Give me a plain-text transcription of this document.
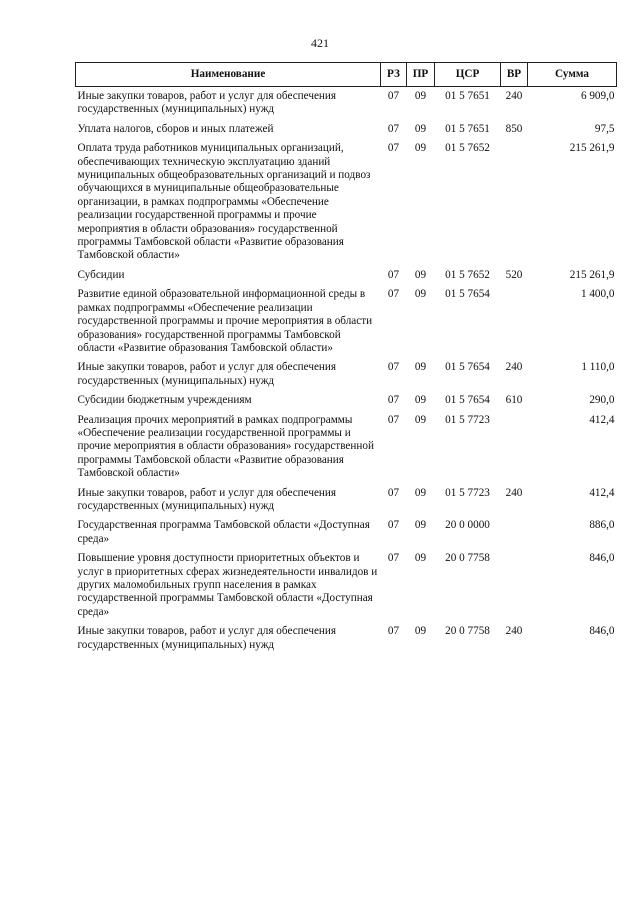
421
Наименование	РЗ	ПР	ЦСР	ВР	Сумма
Иные закупки товаров, работ и услуг для обеспечения государственных (муниципальных) нужд	07	09	01 5 7651	240	6 909,0
Уплата налогов, сборов и иных платежей	07	09	01 5 7651	850	97,5
Оплата труда работников муниципальных организаций, обеспечивающих техническую эксплуатацию зданий муниципальных общеобразовательных организаций и подвоз обучающихся в муниципальные общеобразовательные организации, в рамках подпрограммы «Обеспечение реализации государственной программы и прочие мероприятия в области образования» государственной программы Тамбовской области «Развитие образования Тамбовской области»	07	09	01 5 7652		215 261,9
Субсидии	07	09	01 5 7652	520	215 261,9
Развитие единой образовательной информационной среды в рамках подпрограммы «Обеспечение реализации государственной программы и прочие мероприятия в области образования» государственной программы Тамбовской области «Развитие образования Тамбовской области»	07	09	01 5 7654		1 400,0
Иные закупки товаров, работ и услуг для обеспечения государственных (муниципальных) нужд	07	09	01 5 7654	240	1 110,0
Субсидии бюджетным учреждениям	07	09	01 5 7654	610	290,0
Реализация прочих мероприятий в рамках подпрограммы «Обеспечение реализации государственной программы и прочие мероприятия в области образования» государственной программы Тамбовской области «Развитие образования Тамбовской области»	07	09	01 5 7723		412,4
Иные закупки товаров, работ и услуг для обеспечения государственных (муниципальных) нужд	07	09	01 5 7723	240	412,4
Государственная программа Тамбовской области «Доступная среда»	07	09	20 0 0000		886,0
Повышение уровня доступности приоритетных объектов и услуг в приоритетных сферах жизнедеятельности инвалидов и других маломобильных групп населения в рамках государственной программы Тамбовской области «Доступная среда»	07	09	20 0 7758		846,0
Иные закупки товаров, работ и услуг для обеспечения государственных (муниципальных) нужд	07	09	20 0 7758	240	846,0
